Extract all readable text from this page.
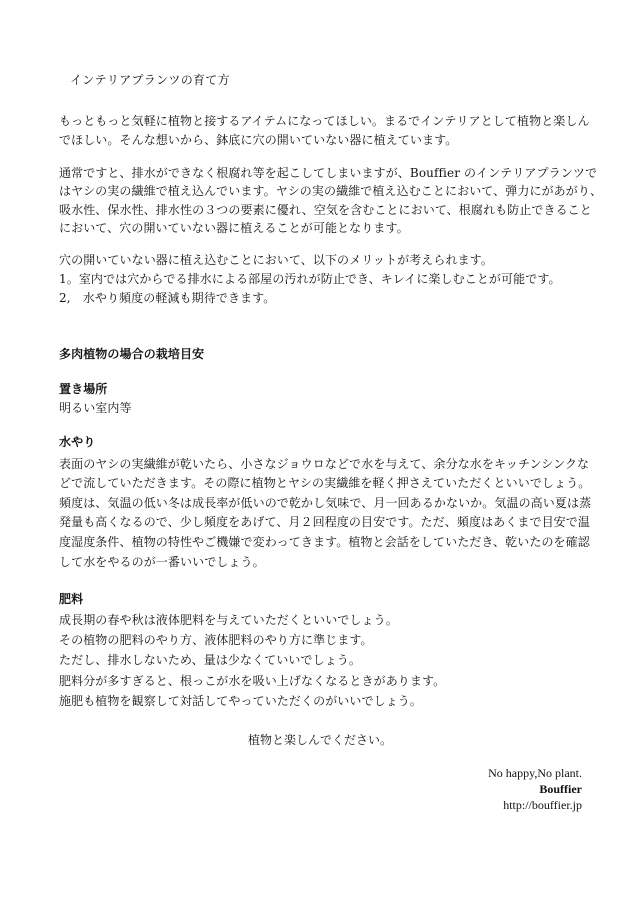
インテリアプランツの育て方
もっともっと気軽に植物と接するアイテムになってほしい。まるでインテリアとして植物と楽しん
でほしい。そんな想いから、鉢底に穴の開いていない器に植えています。
通常ですと、排水ができなく根腐れ等を起こしてしまいますが、Bouffier のインテリアプランツで
はヤシの実の繊維で植え込んでいます。ヤシの実の繊維で植え込むことにおいて、弾力にがあがり、
吸水性、保水性、排水性の３つの要素に優れ、空気を含むことにおいて、根腐れも防止できること
において、穴の開いていない器に植えることが可能となります。
穴の開いていない器に植え込むことにおいて、以下のメリットが考えられます。
1。室内では穴からでる排水による部屋の汚れが防止でき、キレイに楽しむことが可能です。
2,　水やり頻度の軽減も期待できます。
多肉植物の場合の栽培目安
置き場所
明るい室内等
水やり
表面のヤシの実繊維が乾いたら、小さなジョウロなどで水を与えて、余分な水をキッチンシンクな
どで流していただきます。その際に植物とヤシの実繊維を軽く押さえていただくといいでしょう。
頻度は、気温の低い冬は成長率が低いので乾かし気味で、月一回あるかないか。気温の高い夏は蒸
発量も高くなるので、少し頻度をあげて、月２回程度の目安です。ただ、頻度はあくまで目安で温
度湿度条件、植物の特性やご機嫌で変わってきます。植物と会話をしていただき、乾いたのを確認
して水をやるのが一番いいでしょう。
肥料
成長期の春や秋は液体肥料を与えていただくといいでしょう。
その植物の肥料のやり方、液体肥料のやり方に準じます。
ただし、排水しないため、量は少なくていいでしょう。
肥料分が多すぎると、根っこが水を吸い上げなくなるときがあります。
施肥も植物を観察して対話してやっていただくのがいいでしょう。
植物と楽しんでください。
No happy,No plant.
Bouffier
http://bouffier.jp
